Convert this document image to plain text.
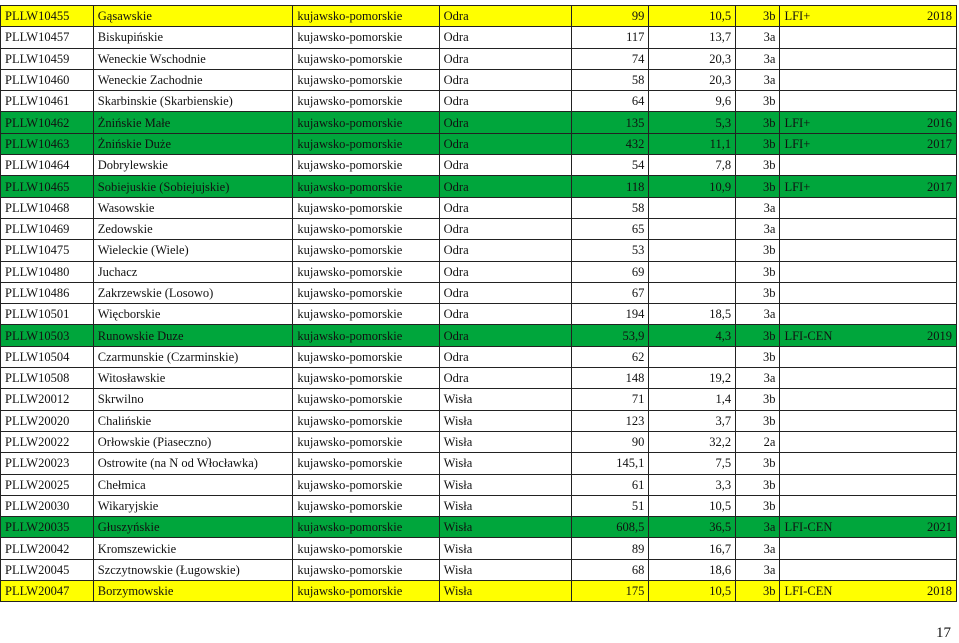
PLLW10455	Gąsawskie	kujawsko-pomorskie	Odra	99	10,5	3b	LFI+	2018
PLLW10457	Biskupińskie	kujawsko-pomorskie	Odra	117	13,7	3a		
PLLW10459	Weneckie Wschodnie	kujawsko-pomorskie	Odra	74	20,3	3a		
PLLW10460	Weneckie Zachodnie	kujawsko-pomorskie	Odra	58	20,3	3a		
PLLW10461	Skarbinskie (Skarbienskie)	kujawsko-pomorskie	Odra	64	9,6	3b		
PLLW10462	Żnińskie Małe	kujawsko-pomorskie	Odra	135	5,3	3b	LFI+	2016
PLLW10463	Żnińskie Duże	kujawsko-pomorskie	Odra	432	11,1	3b	LFI+	2017
PLLW10464	Dobrylewskie	kujawsko-pomorskie	Odra	54	7,8	3b		
PLLW10465	Sobiejuskie (Sobiejujskie)	kujawsko-pomorskie	Odra	118	10,9	3b	LFI+	2017
PLLW10468	Wasowskie	kujawsko-pomorskie	Odra	58		3a		
PLLW10469	Zedowskie	kujawsko-pomorskie	Odra	65		3a		
PLLW10475	Wieleckie (Wiele)	kujawsko-pomorskie	Odra	53		3b		
PLLW10480	Juchacz	kujawsko-pomorskie	Odra	69		3b		
PLLW10486	Zakrzewskie (Losowo)	kujawsko-pomorskie	Odra	67		3b		
PLLW10501	Więcborskie	kujawsko-pomorskie	Odra	194	18,5	3a		
PLLW10503	Runowskie Duze	kujawsko-pomorskie	Odra	53,9	4,3	3b	LFI-CEN	2019
PLLW10504	Czarmunskie (Czarminskie)	kujawsko-pomorskie	Odra	62		3b		
PLLW10508	Witosławskie	kujawsko-pomorskie	Odra	148	19,2	3a		
PLLW20012	Skrwilno	kujawsko-pomorskie	Wisła	71	1,4	3b		
PLLW20020	Chalińskie	kujawsko-pomorskie	Wisła	123	3,7	3b		
PLLW20022	Orłowskie (Piaseczno)	kujawsko-pomorskie	Wisła	90	32,2	2a		
PLLW20023	Ostrowite (na N od Włocławka)	kujawsko-pomorskie	Wisła	145,1	7,5	3b		
PLLW20025	Chełmica	kujawsko-pomorskie	Wisła	61	3,3	3b		
PLLW20030	Wikaryjskie	kujawsko-pomorskie	Wisła	51	10,5	3b		
PLLW20035	Głuszyńskie	kujawsko-pomorskie	Wisła	608,5	36,5	3a	LFI-CEN	2021
PLLW20042	Kromszewickie	kujawsko-pomorskie	Wisła	89	16,7	3a		
PLLW20045	Szczytnowskie (Ługowskie)	kujawsko-pomorskie	Wisła	68	18,6	3a		
PLLW20047	Borzymowskie	kujawsko-pomorskie	Wisła	175	10,5	3b	LFI-CEN	2018
17
